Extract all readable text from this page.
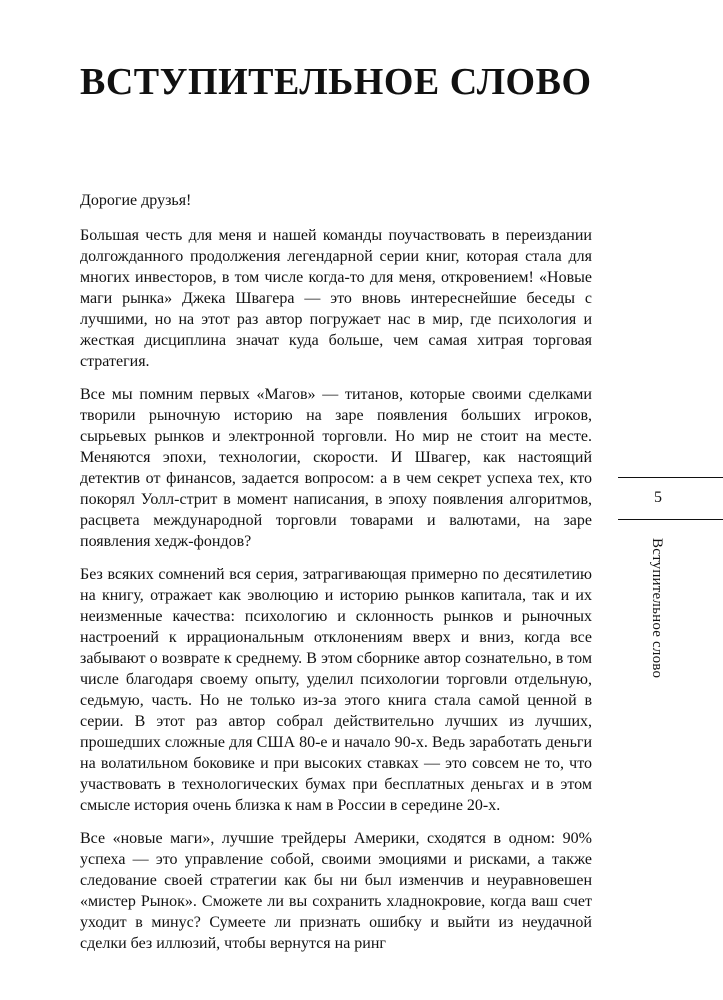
ВСТУПИТЕЛЬНОЕ СЛОВО

Дорогие друзья!

Большая честь для меня и нашей команды поучаствовать в переиздании долгожданного продолжения легендарной серии книг, которая стала для многих инвесторов, в том числе когда-то для меня, откровением! «Новые маги рынка» Джека Швагера — это вновь интереснейшие беседы с лучшими, но на этот раз автор погружает нас в мир, где психология и жесткая дисциплина значат куда больше, чем самая хитрая торговая стратегия.

Все мы помним первых «Магов» — титанов, которые своими сделками творили рыночную историю на заре появления больших игроков, сырьевых рынков и электронной торговли. Но мир не стоит на месте. Меняются эпохи, технологии, скорости. И Швагер, как настоящий детектив от финансов, задается вопросом: а в чем секрет успеха тех, кто покорял Уолл-стрит в момент написания, в эпоху появления алгоритмов, расцвета международной торговли товарами и валютами, на заре появления хедж-фондов?

Без всяких сомнений вся серия, затрагивающая примерно по десятилетию на книгу, отражает как эволюцию и историю рынков капитала, так и их неизменные качества: психологию и склонность рынков и рыночных настроений к иррациональным отклонениям вверх и вниз, когда все забывают о возврате к среднему. В этом сборнике автор сознательно, в том числе благодаря своему опыту, уделил психологии торговли отдельную, седьмую, часть. Но не только из-за этого книга стала самой ценной в серии. В этот раз автор собрал действительно лучших из лучших, прошедших сложные для США 80-е и начало 90-х. Ведь заработать деньги на волатильном боковике и при высоких ставках — это совсем не то, что участвовать в технологических бумах при бесплатных деньгах и в этом смысле история очень близка к нам в России в середине 20-х.

Все «новые маги», лучшие трейдеры Америки, сходятся в одном: 90% успеха — это управление собой, своими эмоциями и рисками, а также следование своей стратегии как бы ни был изменчив и неуравновешен «мистер Рынок». Сможете ли вы сохранить хладнокровие, когда ваш счет уходит в минус? Сумеете ли признать ошибку и выйти из неудачной сделки без иллюзий, чтобы вернутся на ринг

5
Вступительное слово
